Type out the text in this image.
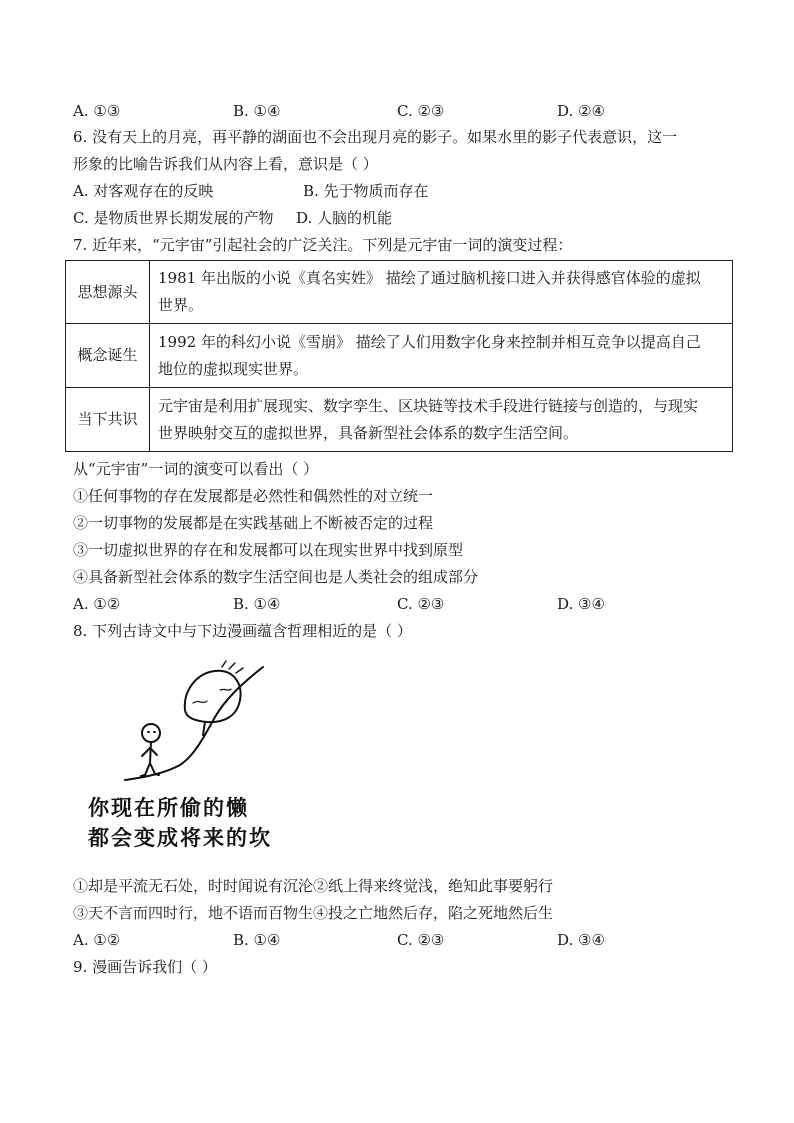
A. ①③	B. ①④	C. ②③	D. ②④
6. 没有天上的月亮，再平静的湖面也不会出现月亮的影子。如果水里的影子代表意识，这一
形象的比喻告诉我们从内容上看，意识是（ ）
A. 对客观存在的反映	B. 先于物质而存在
C. 是物质世界长期发展的产物 D. 人脑的机能
7. 近年来，“元宇宙”引起社会的广泛关注。下列是元宇宙一词的演变过程：
思想源头	1981 年出版的小说《真名实姓》 描绘了通过脑机接口进入并获得感官体验的虚拟
世界。

概念诞生	1992 年的科幻小说《雪崩》 描绘了人们用数字化身来控制并相互竞争以提高自己
地位的虚拟现实世界。

当下共识	元宇宙是利用扩展现实、数字孪生、区块链等技术手段进行链接与创造的，与现实
世界映射交互的虚拟世界，具备新型社会体系的数字生活空间。
从“元宇宙”一词的演变可以看出（ ）
①任何事物的存在发展都是必然性和偶然性的对立统一
②一切事物的发展都是在实践基础上不断被否定的过程
③一切虚拟世界的存在和发展都可以在现实世界中找到原型
④具备新型社会体系的数字生活空间也是人类社会的组成部分
A. ①②	B. ①④	C. ②③	D. ③④
8. 下列古诗文中与下边漫画蕴含哲理相近的是（ ）
你现在所偷的懒
都会变成将来的坎
①却是平流无石处，时时闻说有沉沦②纸上得来终觉浅，绝知此事要躬行
③天不言而四时行，地不语而百物生④投之亡地然后存，陷之死地然后生
A. ①②	B. ①④	C. ②③	D. ③④
9. 漫画告诉我们（ ）
